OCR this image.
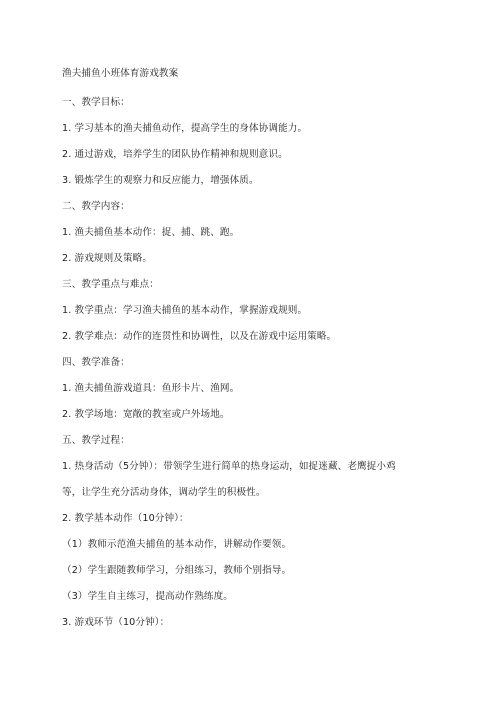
渔夫捕鱼小班体育游戏教案
一、教学目标：
1. 学习基本的渔夫捕鱼动作，提高学生的身体协调能力。
2. 通过游戏，培养学生的团队协作精神和规则意识。
3. 锻炼学生的观察力和反应能力，增强体质。
二、教学内容：
1. 渔夫捕鱼基本动作：捉、捕、跳、跑。
2. 游戏规则及策略。
三、教学重点与难点：
1. 教学重点：学习渔夫捕鱼的基本动作，掌握游戏规则。
2. 教学难点：动作的连贯性和协调性，以及在游戏中运用策略。
四、教学准备：
1. 渔夫捕鱼游戏道具：鱼形卡片、渔网。
2. 教学场地：宽敞的教室或户外场地。
五、教学过程：
1. 热身活动（5分钟）：带领学生进行简单的热身运动，如捉迷藏、老鹰捉小鸡
等，让学生充分活动身体，调动学生的积极性。
2. 教学基本动作（10分钟）：
（1）教师示范渔夫捕鱼的基本动作，讲解动作要领。
（2）学生跟随教师学习，分组练习，教师个别指导。
（3）学生自主练习，提高动作熟练度。
3. 游戏环节（10分钟）：
